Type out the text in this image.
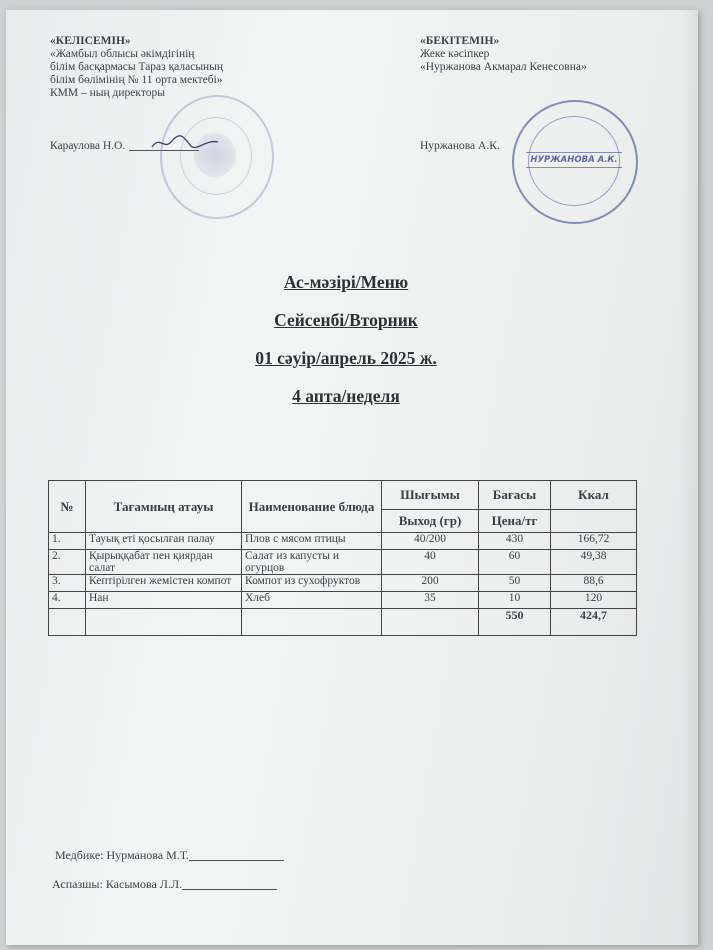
«КЕЛІСЕМІН»
«Жамбыл облысы әкімдігінің
білім басқармасы Тараз қаласының
білім бөлімінің № 11 орта мектебі»
КММ – ның директоры
Караулова Н.О.
«БЕКІТЕМІН»
Жеке кәсіпкер
«Нуржанова Акмарал Кенесовна»
Нуржанова А.К.
НУРЖАНОВА А.К.

Ас-мәзірі/Меню

Сейсенбі/Вторник

01 сәуір/апрель 2025 ж.

4 апта/неделя

№	Тағамның атауы	Наименование блюда	Шығымы	Бағасы	Ккал
			Выход (гр)	Цена/тг	
1.	Тауық еті қосылған палау	Плов с мясом птицы	40/200	430	166,72
2.	Қырыққабат пен қиярдан салат	Салат из капусты и огурцов	40	60	49,38
3.	Кептірілген жемістен компот	Компот из сухофруктов	200	50	88,6
4.	Нан	Хлеб	35	10	120
				550	424,7
Медбике: Нурманова М.Т.
Аспазшы: Касымова Л.Л.
